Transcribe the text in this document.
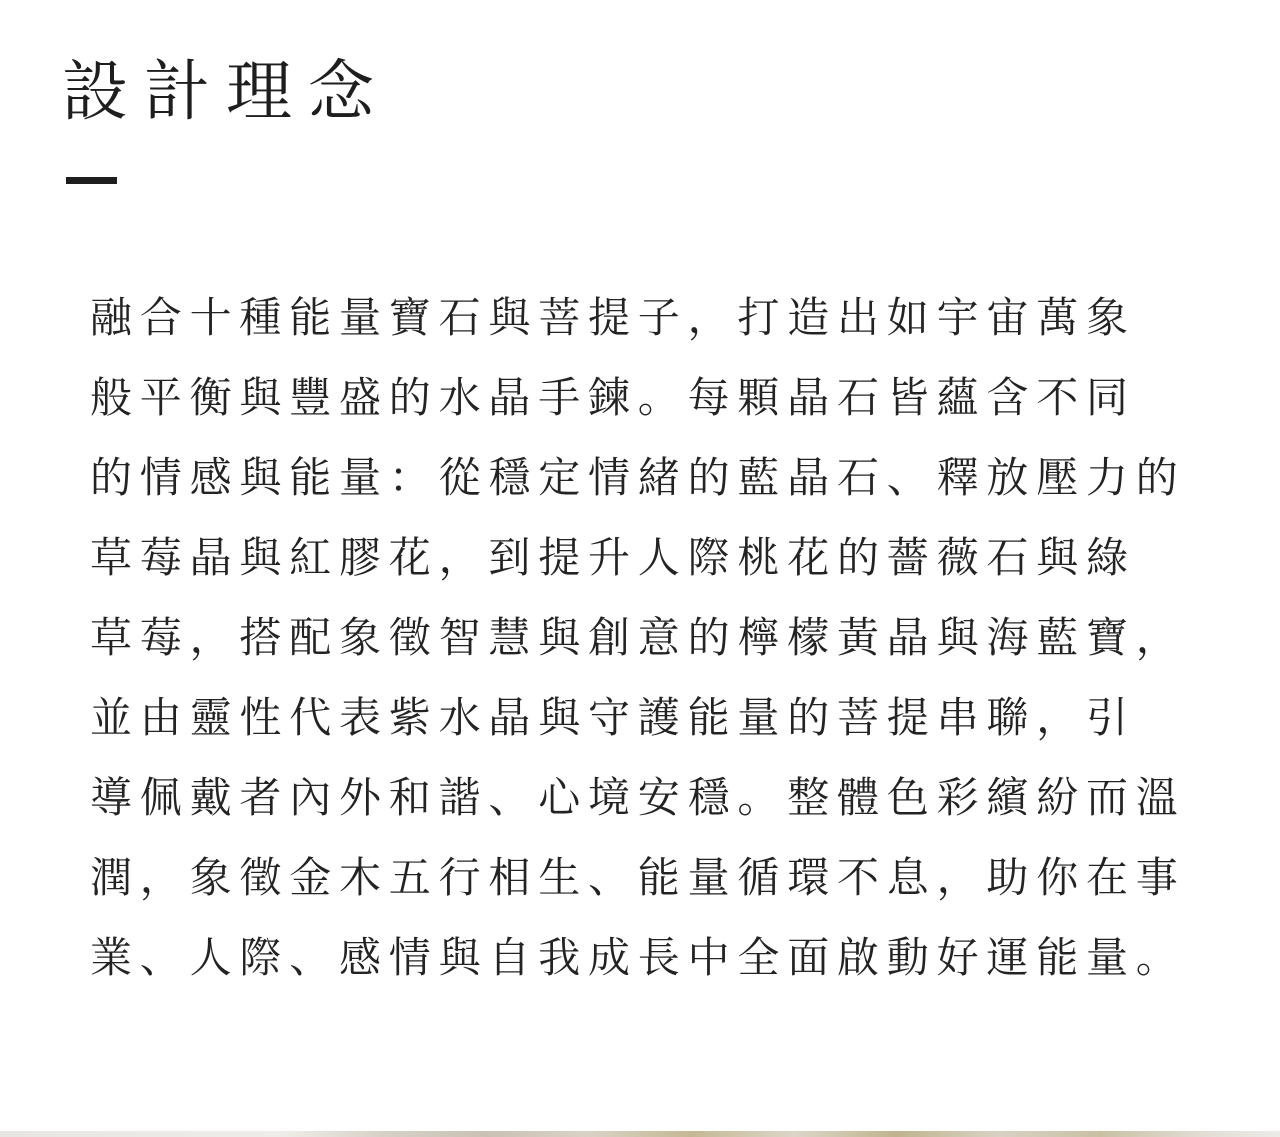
設計理念
融合十種能量寶石與菩提子，打造出如宇宙萬象
般平衡與豐盛的水晶手鍊。每顆晶石皆蘊含不同
的情感與能量：從穩定情緒的藍晶石、釋放壓力的
草莓晶與紅膠花，到提升人際桃花的薔薇石與綠
草莓，搭配象徵智慧與創意的檸檬黃晶與海藍寶，
並由靈性代表紫水晶與守護能量的菩提串聯，引
導佩戴者內外和諧、心境安穩。整體色彩繽紛而溫
潤，象徵金木五行相生、能量循環不息，助你在事
業、人際、感情與自我成長中全面啟動好運能量。
